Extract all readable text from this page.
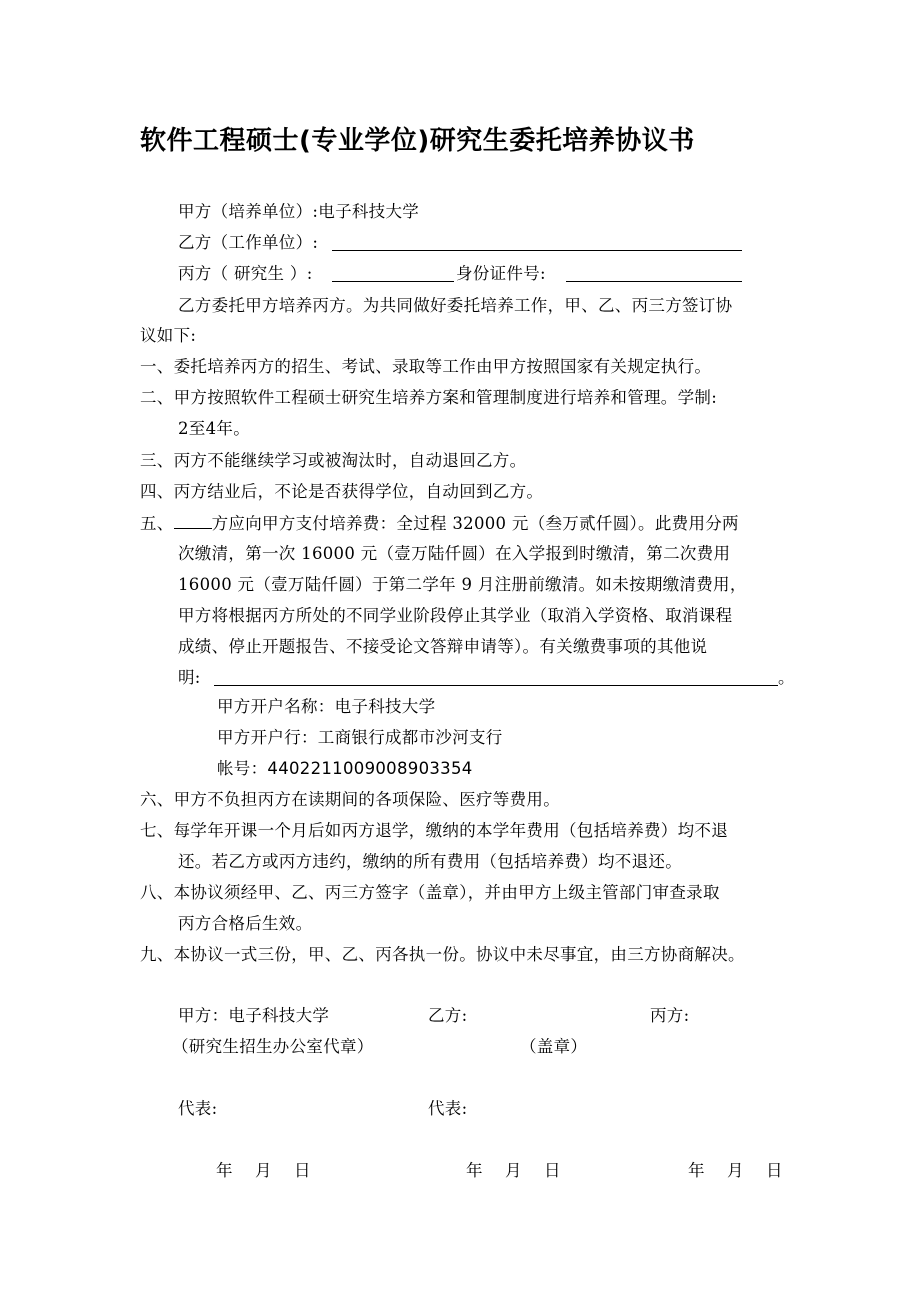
软件工程硕士(专业学位)研究生委托培养协议书
甲方（培养单位）:电子科技大学
乙方（工作单位）:
丙方（ 研究生 ）:	身份证件号:
乙方委托甲方培养丙方。为共同做好委托培养工作，甲、乙、丙三方签订协
议如下:
一、委托培养丙方的招生、考试、录取等工作由甲方按照国家有关规定执行。
二、甲方按照软件工程硕士研究生培养方案和管理制度进行培养和管理。学制:
2至4年。
三、丙方不能继续学习或被淘汰时，自动退回乙方。
四、丙方结业后，不论是否获得学位，自动回到乙方。
五、 方应向甲方支付培养费：全过程 32000 元（叁万贰仟圆）。此费用分两
次缴清，第一次 16000 元（壹万陆仟圆）在入学报到时缴清，第二次费用
16000 元（壹万陆仟圆）于第二学年 9 月注册前缴清。如未按期缴清费用，
甲方将根据丙方所处的不同学业阶段停止其学业（取消入学资格、取消课程
成绩、停止开题报告、不接受论文答辩申请等）。有关缴费事项的其他说
明:	。
甲方开户名称：电子科技大学
甲方开户行：工商银行成都市沙河支行
帐号：4402211009008903354
六、甲方不负担丙方在读期间的各项保险、医疗等费用。
七、每学年开课一个月后如丙方退学，缴纳的本学年费用（包括培养费）均不退
还。若乙方或丙方违约，缴纳的所有费用（包括培养费）均不退还。
八、本协议须经甲、乙、丙三方签字（盖章），并由甲方上级主管部门审查录取
丙方合格后生效。
九、本协议一式三份，甲、乙、丙各执一份。协议中未尽事宜，由三方协商解决。
甲方：电子科技大学	乙方:	丙方:
（研究生招生办公室代章）	（盖章）
代表:	代表:
年    月    日	年    月    日	年    月    日
